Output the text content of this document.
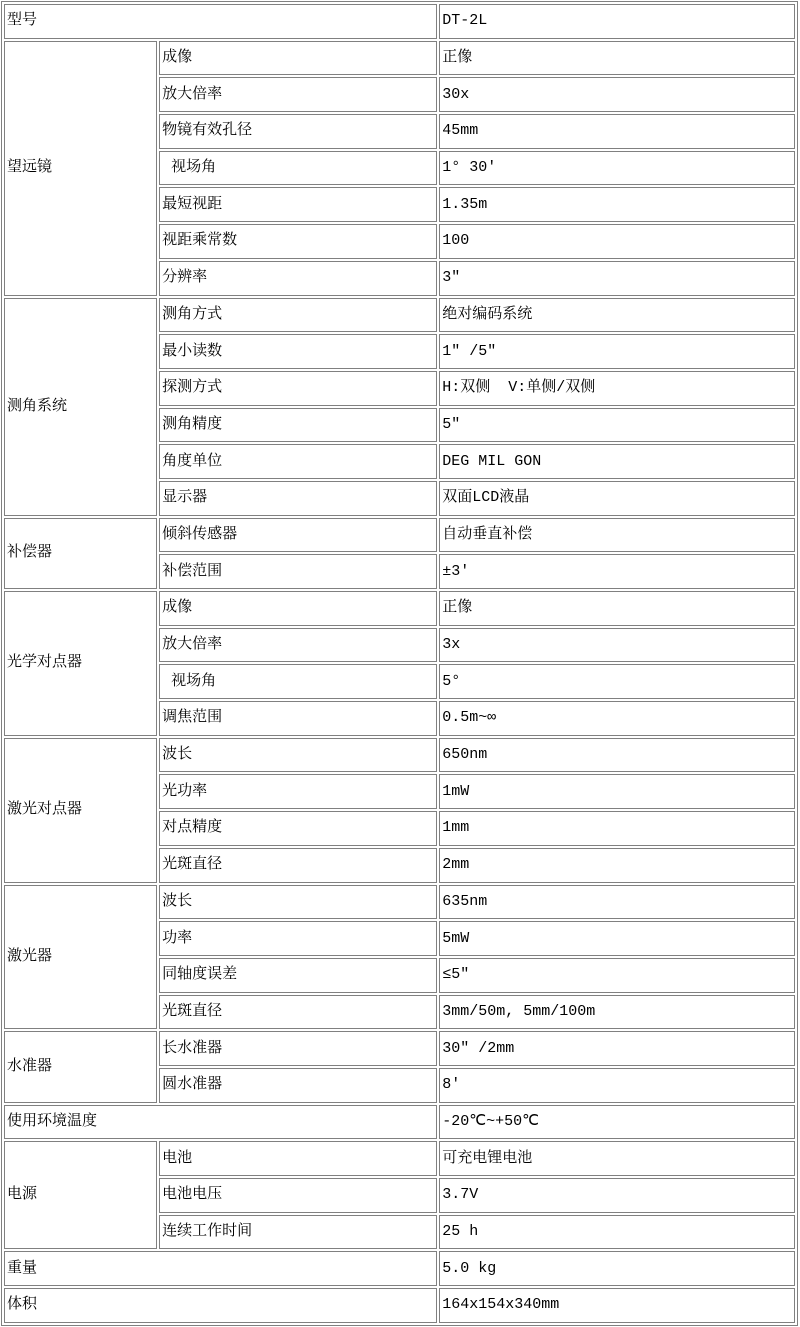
型号		DT-2L
望远镜	成像	正像
	放大倍率	30x
	物镜有效孔径	45mm
	视场角	1° 30′
	最短视距	1.35m
	视距乘常数	100
	分辨率	3″
测角系统	测角方式	绝对编码系统
	最小读数	1″ /5″
	探测方式	H:双侧  V:单侧/双侧
	测角精度	5″
	角度单位	DEG MIL GON
	显示器	双面LCD液晶
补偿器	倾斜传感器	自动垂直补偿
	补偿范围	±3′
光学对点器	成像	正像
	放大倍率	3x
	视场角	5°
	调焦范围	0.5m~∞
激光对点器	波长	650nm
	光功率	1mW
	对点精度	1mm
	光斑直径	2mm
激光器	波长	635nm
	功率	5mW
	同轴度误差	≤5″
	光斑直径	3mm/50m, 5mm/100m
水准器	长水准器	30″ /2mm
	圆水准器	8′
使用环境温度		-20℃~+50℃
电源	电池	可充电锂电池
	电池电压	3.7V
	连续工作时间	25 h
重量		5.0 kg
体积		164x154x340mm
